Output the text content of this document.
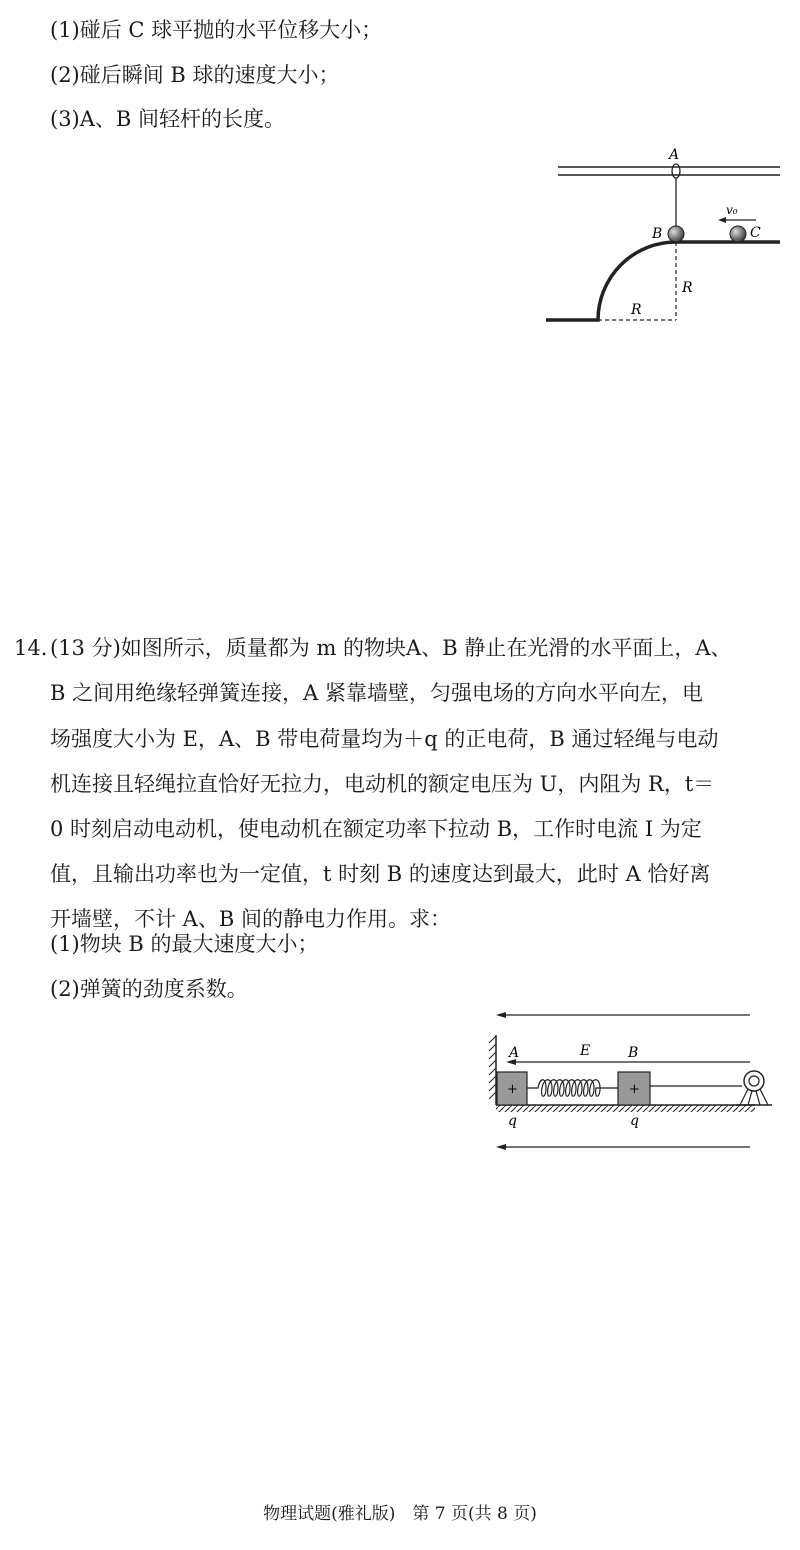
(1)碰后 C 球平抛的水平位移大小；
(2)碰后瞬间 B 球的速度大小；
(3)A、B 间轻杆的长度。
A
B	C
v₀
R
R
14. (13 分)如图所示，质量都为 m 的物块A、B 静止在光滑的水平面上，A、
B 之间用绝缘轻弹簧连接，A 紧靠墙壁，匀强电场的方向水平向左，电
场强度大小为 E，A、B 带电荷量均为＋q 的正电荷，B 通过轻绳与电动
机连接且轻绳拉直恰好无拉力，电动机的额定电压为 U，内阻为 R，t＝
0 时刻启动电动机，使电动机在额定功率下拉动 B，工作时电流 I 为定
值，且输出功率也为一定值，t 时刻 B 的速度达到最大，此时 A 恰好离
开墙壁，不计 A、B 间的静电力作用。求：
(1)物块 B 的最大速度大小；
(2)弹簧的劲度系数。
E
+
A
q
+
B
q
物理试题(雅礼版)　第 7 页(共 8 页)
